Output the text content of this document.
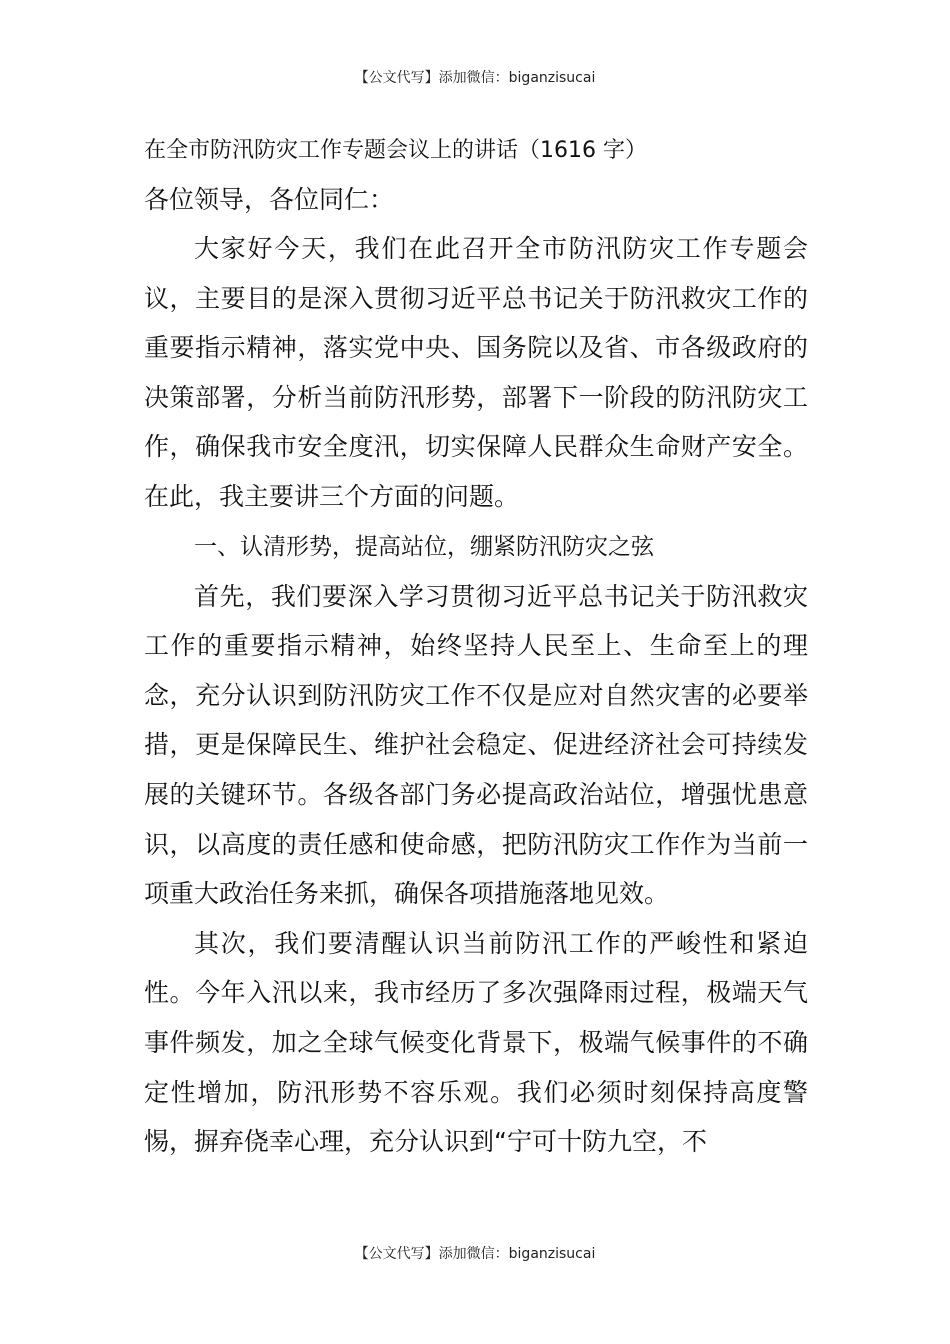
【公文代写】添加微信：biganzisucai
在全市防汛防灾工作专题会议上的讲话（1616 字）

各位领导，各位同仁：

大家好今天，我们在此召开全市防汛防灾工作专题会议，主要目的是深入贯彻习近平总书记关于防汛救灾工作的重要指示精神，落实党中央、国务院以及省、市各级政府的决策部署，分析当前防汛形势，部署下一阶段的防汛防灾工作，确保我市安全度汛，切实保障人民群众生命财产安全。在此，我主要讲三个方面的问题。

一、认清形势，提高站位，绷紧防汛防灾之弦

首先，我们要深入学习贯彻习近平总书记关于防汛救灾工作的重要指示精神，始终坚持人民至上、生命至上的理念，充分认识到防汛防灾工作不仅是应对自然灾害的必要举措，更是保障民生、维护社会稳定、促进经济社会可持续发展的关键环节。各级各部门务必提高政治站位，增强忧患意识，以高度的责任感和使命感，把防汛防灾工作作为当前一项重大政治任务来抓，确保各项措施落地见效。

其次，我们要清醒认识当前防汛工作的严峻性和紧迫性。今年入汛以来，我市经历了多次强降雨过程，极端天气事件频发，加之全球气候变化背景下，极端气候事件的不确定性增加，防汛形势不容乐观。我们必须时刻保持高度警惕，摒弃侥幸心理，充分认识到“宁可十防九空，不

【公文代写】添加微信：biganzisucai
